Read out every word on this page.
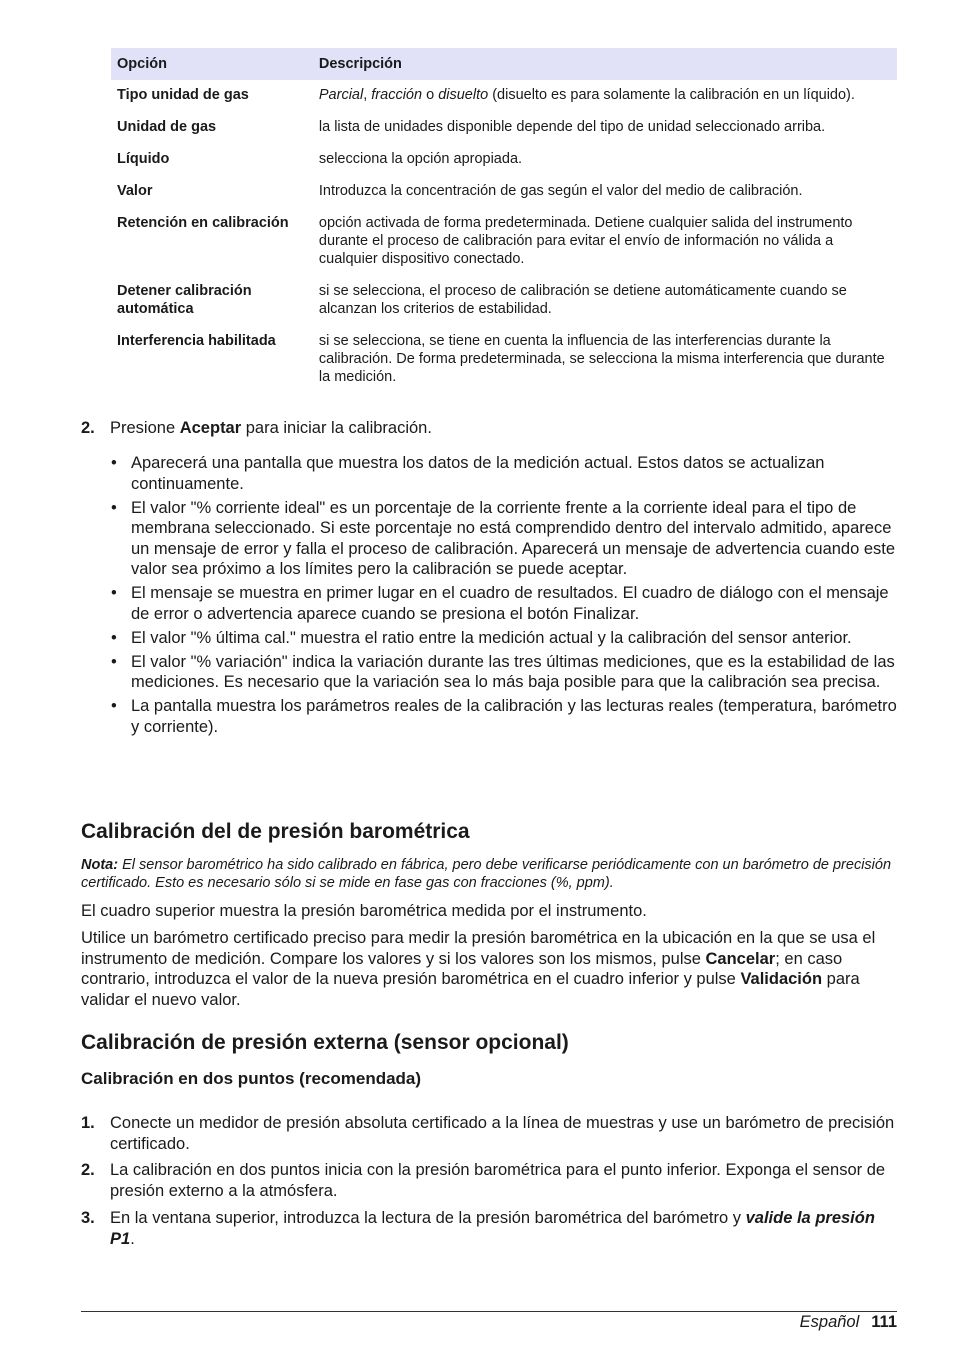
Opción	Descripción
Tipo unidad de gas	Parcial, fracción o disuelto (disuelto es para solamente la calibración en un líquido).
Unidad de gas	la lista de unidades disponible depende del tipo de unidad seleccionado arriba.
Líquido	selecciona la opción apropiada.
Valor	Introduzca la concentración de gas según el valor del medio de calibración.
Retención en calibración	opción activada de forma predeterminada. Detiene cualquier salida del instrumento durante el proceso de calibración para evitar el envío de información no válida a cualquier dispositivo conectado.
Detener calibración automática	si se selecciona, el proceso de calibración se detiene automáticamente cuando se alcanzan los criterios de estabilidad.
Interferencia habilitada	si se selecciona, se tiene en cuenta la influencia de las interferencias durante la calibración. De forma predeterminada, se selecciona la misma interferencia que durante la medición.
2. Presione Aceptar para iniciar la calibración.
• Aparecerá una pantalla que muestra los datos de la medición actual. Estos datos se actualizan continuamente.
• El valor "% corriente ideal" es un porcentaje de la corriente frente a la corriente ideal para el tipo de membrana seleccionado. Si este porcentaje no está comprendido dentro del intervalo admitido, aparece un mensaje de error y falla el proceso de calibración. Aparecerá un mensaje de advertencia cuando este valor sea próximo a los límites pero la calibración se puede aceptar.
• El mensaje se muestra en primer lugar en el cuadro de resultados. El cuadro de diálogo con el mensaje de error o advertencia aparece cuando se presiona el botón Finalizar.
• El valor "% última cal." muestra el ratio entre la medición actual y la calibración del sensor anterior.
• El valor "% variación" indica la variación durante las tres últimas mediciones, que es la estabilidad de las mediciones. Es necesario que la variación sea lo más baja posible para que la calibración sea precisa.
• La pantalla muestra los parámetros reales de la calibración y las lecturas reales (temperatura, barómetro y corriente).
Calibración del de presión barométrica
Nota: El sensor barométrico ha sido calibrado en fábrica, pero debe verificarse periódicamente con un barómetro de precisión certificado. Esto es necesario sólo si se mide en fase gas con fracciones (%, ppm).
El cuadro superior muestra la presión barométrica medida por el instrumento.
Utilice un barómetro certificado preciso para medir la presión barométrica en la ubicación en la que se usa el instrumento de medición. Compare los valores y si los valores son los mismos, pulse Cancelar; en caso contrario, introduzca el valor de la nueva presión barométrica en el cuadro inferior y pulse Validación para validar el nuevo valor.
Calibración de presión externa (sensor opcional)
Calibración en dos puntos (recomendada)
1. Conecte un medidor de presión absoluta certificado a la línea de muestras y use un barómetro de precisión certificado.
2. La calibración en dos puntos inicia con la presión barométrica para el punto inferior. Exponga el sensor de presión externo a la atmósfera.
3. En la ventana superior, introduzca la lectura de la presión barométrica del barómetro y valide la presión P1.
Español 111
